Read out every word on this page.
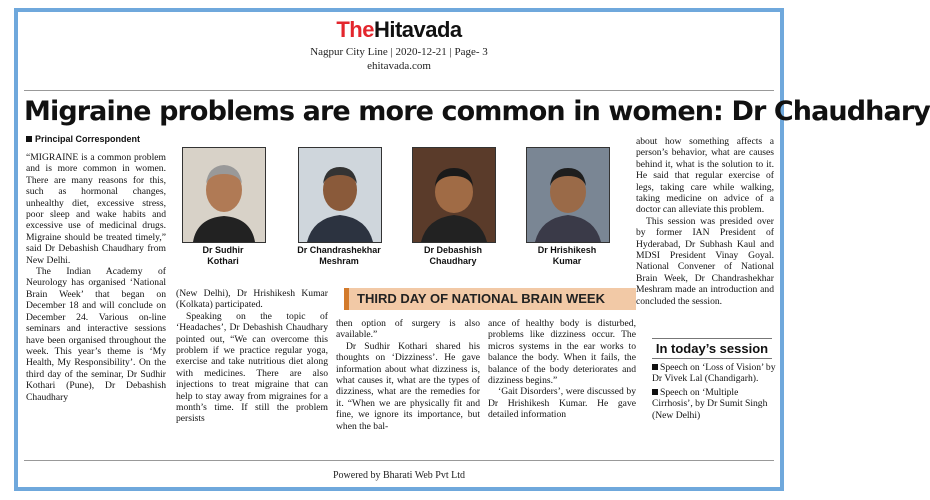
TheHitavada
Nagpur City Line | 2020-12-21 | Page- 3
ehitavada.com
Migraine problems are more common in women: Dr Chaudhary
Principal Correspondent

“MIGRAINE is a common problem and is more common in women. There are many reasons for this, such as hormonal changes, unhealthy diet, excessive stress, poor sleep and wake habits and excessive use of medicinal drugs. Migraine should be treated timely,” said Dr Debashish Chaudhary from New Delhi.

The Indian Academy of Neurology has organised ‘National Brain Week’ that began on December 18 and will conclude on December 24. Various on-line seminars and interactive sessions have been organised throughout the week. This year’s theme is ‘My Health, My Responsibility’. On the third day of the seminar, Dr Sudhir Kothari (Pune), Dr Debashish Chaudhary

Dr Sudhir
Kothari
Dr Chandrashekhar
Meshram
Dr Debashish
Chaudhary
Dr Hrishikesh
Kumar

(New Delhi), Dr Hrishikesh Kumar (Kolkata) participated.

Speaking on the topic of ‘Headaches’, Dr Debashish Chaudhary pointed out, “We can overcome this problem if we practice regular yoga, exercise and take nutritious diet along with medicines. There are also injections to treat migraine that can help to stay away from migraines for a month’s time. If still the problem persists

THIRD DAY OF NATIONAL BRAIN WEEK

then option of surgery is also available.”

Dr Sudhir Kothari shared his thoughts on ‘Dizziness’. He gave information about what dizziness is, what causes it, what are the types of dizziness, what are the remedies for it. “When we are physically fit and fine, we ignore its importance, but when the bal-

ance of healthy body is disturbed, problems like dizziness occur. The micros systems in the ear works to balance the body. When it fails, the balance of the body deteriorates and dizziness begins.”

‘Gait Disorders’, were discussed by Dr Hrishikesh Kumar. He gave detailed information

about how something affects a person’s behavior, what are causes behind it, what is the solution to it. He said that regular exercise of legs, taking care while walking, taking medicine on advice of a doctor can alleviate this problem.

This session was presided over by former IAN President of Hyderabad, Dr Subhash Kaul and MDSI President Vinay Goyal. National Convener of National Brain Week, Dr Chandrashekhar Meshram made an introduction and concluded the session.

In today’s session
Speech on ‘Loss of Vision’ by Dr Vivek Lal (Chandigarh).
Speech on ‘Multiple Cirrhosis’, by Dr Sumit Singh (New Delhi)
Powered by Bharati Web Pvt Ltd
